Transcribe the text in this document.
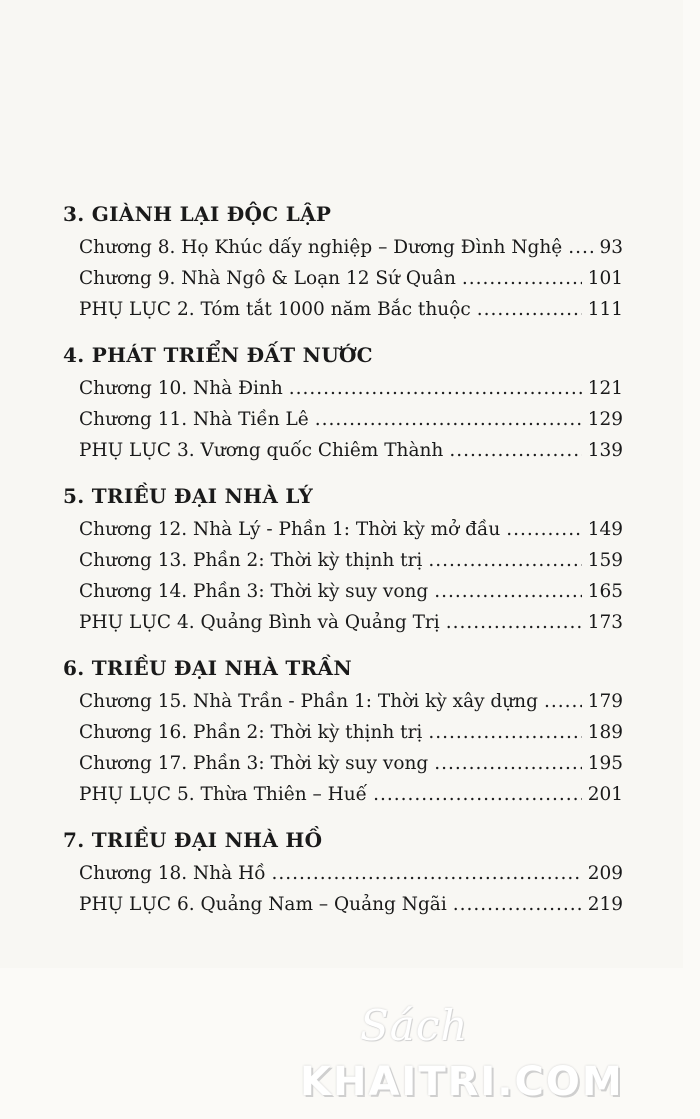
3. GIÀNH LẠI ĐỘC LẬP
Chương 8. Họ Khúc dấy nghiệp – Dương Đình Nghệ ..... 93
Chương 9. Nhà Ngô & Loạn 12 Sứ Quân .....	101
PHỤ LỤC 2. Tóm tắt 1000 năm Bắc thuộc .....	111
4. PHÁT TRIỂN ĐẤT NƯỚC
Chương 10. Nhà Đinh .....	121
Chương 11. Nhà Tiền Lê .....	129
PHỤ LỤC 3. Vương quốc Chiêm Thành .....	139
5. TRIỀU ĐẠI NHÀ LÝ
Chương 12. Nhà Lý - Phần 1: Thời kỳ mở đầu .....	149
Chương 13. Phần 2: Thời kỳ thịnh trị .....	159
Chương 14. Phần 3: Thời kỳ suy vong .....	165
PHỤ LỤC 4. Quảng Bình và Quảng Trị .....	173
6. TRIỀU ĐẠI NHÀ TRẦN
Chương 15. Nhà Trần - Phần 1: Thời kỳ xây dựng .....	179
Chương 16. Phần 2: Thời kỳ thịnh trị .....	189
Chương 17. Phần 3: Thời kỳ suy vong .....	195
PHỤ LỤC 5. Thừa Thiên – Huế .....	201
7. TRIỀU ĐẠI NHÀ HỒ
Chương 18. Nhà Hồ .....	209
PHỤ LỤC 6. Quảng Nam – Quảng Ngãi .....	219
Sách
KHAITRI.COM
